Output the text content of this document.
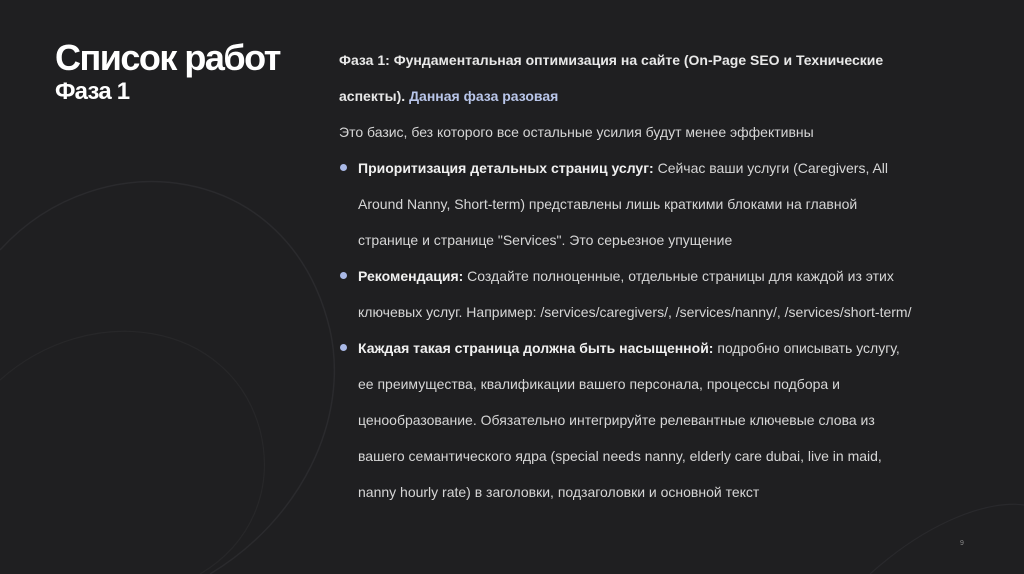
Список работ
Фаза 1
Фаза 1: Фундаментальная оптимизация на сайте (On-Page SEO и Технические
аспекты). Данная фаза разовая
Это базис, без которого все остальные усилия будут менее эффективны
Приоритизация детальных страниц услуг: Сейчас ваши услуги (Caregivers, All
Around Nanny, Short-term) представлены лишь краткими блоками на главной
странице и странице "Services". Это серьезное упущение
Рекомендация: Создайте полноценные, отдельные страницы для каждой из этих
ключевых услуг. Например: /services/caregivers/, /services/nanny/, /services/short-term/
Каждая такая страница должна быть насыщенной: подробно описывать услугу,
ее преимущества, квалификации вашего персонала, процессы подбора и
ценообразование. Обязательно интегрируйте релевантные ключевые слова из
вашего семантического ядра (special needs nanny, elderly care dubai, live in maid,
nanny hourly rate) в заголовки, подзаголовки и основной текст
9
